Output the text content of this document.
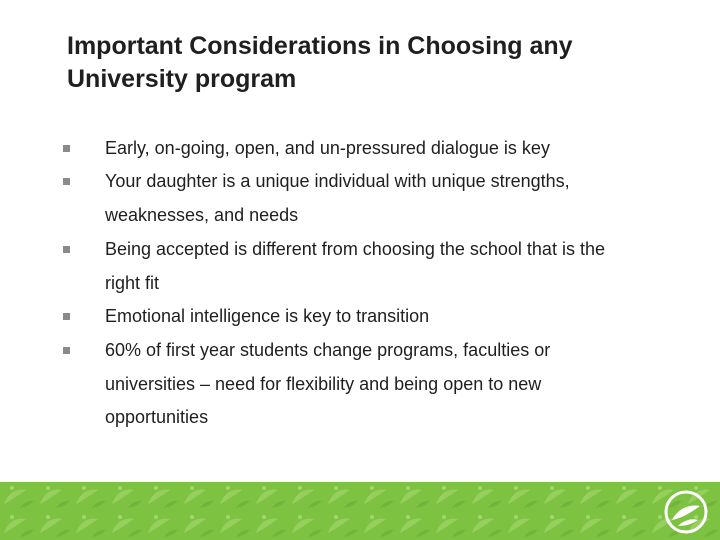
Important Considerations in Choosing any University program
Early, on-going, open, and un-pressured dialogue is key
Your daughter is a unique individual with unique strengths, weaknesses, and needs
Being accepted is different from choosing the school that is the right fit
Emotional intelligence is key to transition
60% of first year students change programs, faculties or universities – need for flexibility and being open to new opportunities
